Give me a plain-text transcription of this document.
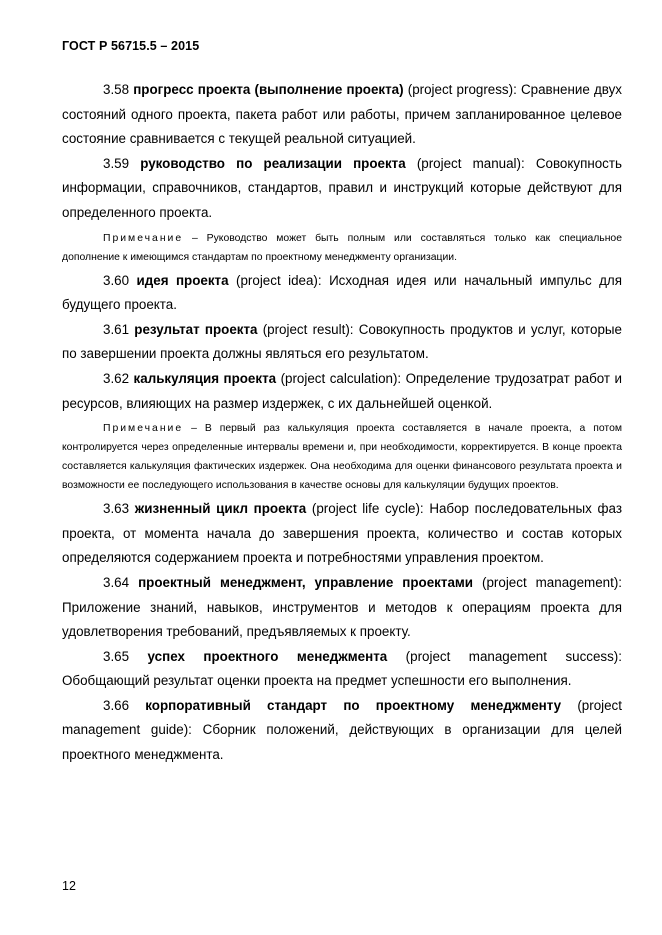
ГОСТ Р 56715.5 – 2015

3.58 прогресс проекта (выполнение проекта) (project progress): Сравнение двух состояний одного проекта, пакета работ или работы, причем запланированное целевое состояние сравнивается с текущей реальной ситуацией.

3.59 руководство по реализации проекта (project manual): Совокупность информации, справочников, стандартов, правил и инструкций которые действуют для определенного проекта.

Примечание – Руководство может быть полным или составляться только как специальное дополнение к имеющимся стандартам по проектному менеджменту организации.

3.60 идея проекта (project idea): Исходная идея или начальный импульс для будущего проекта.

3.61 результат проекта (project result): Совокупность продуктов и услуг, которые по завершении проекта должны являться его результатом.

3.62 калькуляция проекта (project calculation): Определение трудозатрат работ и ресурсов, влияющих на размер издержек, с их дальнейшей оценкой.

Примечание – В первый раз калькуляция проекта составляется в начале проекта, а потом контролируется через определенные интервалы времени и, при необходимости, корректируется. В конце проекта составляется калькуляция фактических издержек. Она необходима для оценки финансового результата проекта и возможности ее последующего использования в качестве основы для калькуляции будущих проектов.

3.63 жизненный цикл проекта (project life cycle): Набор последовательных фаз проекта, от момента начала до завершения проекта, количество и состав которых определяются содержанием проекта и потребностями управления проектом.

3.64 проектный менеджмент, управление проектами (project management): Приложение знаний, навыков, инструментов и методов к операциям проекта для удовлетворения требований, предъявляемых к проекту.

3.65 успех проектного менеджмента (project management success): Обобщающий результат оценки проекта на предмет успешности его выполнения.

3.66 корпоративный стандарт по проектному менеджменту (project management guide): Сборник положений, действующих в организации для целей проектного менеджмента.

12
